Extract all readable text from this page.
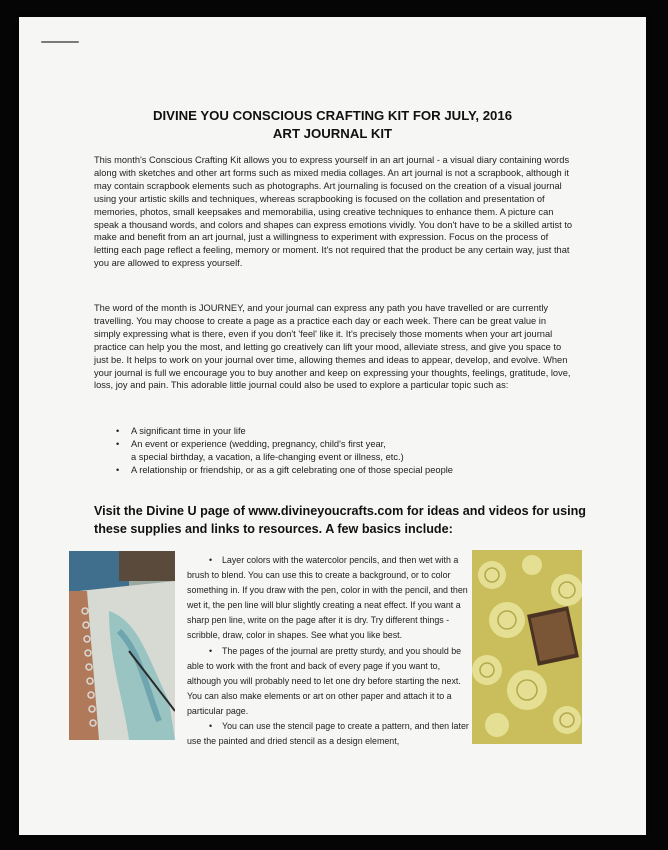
DIVINE YOU CONSCIOUS CRAFTING KIT FOR JULY, 2016
ART JOURNAL KIT

This month's Conscious Crafting Kit allows you to express yourself in an art journal - a visual diary containing words along with sketches and other art forms such as mixed media collages. An art journal is not a scrapbook, although it may contain scrapbook elements such as photographs. Art journaling is focused on the creation of a visual journal using your artistic skills and techniques, whereas scrapbooking is focused on the collation and presentation of memories, photos, small keepsakes and memorabilia, using creative techniques to enhance them. A picture can speak a thousand words, and colors and shapes can express emotions vividly. You don't have to be a skilled artist to make and benefit from an art journal, just a willingness to experiment with expression. Focus on the process of letting each page reflect a feeling, memory or moment. It's not required that the product be any certain way, just that you are allowed to express yourself.

The word of the month is JOURNEY, and your journal can express any path you have travelled or are currently travelling. You may choose to create a page as a practice each day or each week. There can be great value in simply expressing what is there, even if you don't 'feel' like it. It's precisely those moments when your art journal practice can help you the most, and letting go creatively can lift your mood, alleviate stress, and give you space to just be. It helps to work on your journal over time, allowing themes and ideas to appear, develop, and evolve. When your journal is full we encourage you to buy another and keep on expressing your thoughts, feelings, gratitude, love, loss, joy and pain. This adorable little journal could also be used to explore a particular topic such as:

• A significant time in your life
• An event or experience (wedding, pregnancy, child's first year,
a special birthday, a vacation, a life-changing event or illness, etc.)
• A relationship or friendship, or as a gift celebrating one of those special people

Visit the Divine U page of www.divineyoucrafts.com for ideas and videos for using these supplies and links to resources. A few basics include:

•    Layer colors with the watercolor pencils, and then wet with a brush to blend. You can use this to create a background, or to color something in. If you draw with the pen, color in with the pencil, and then wet it, the pen line will blur slightly creating a neat effect. If you want a sharp pen line, write on the page after it is dry. Try different things - scribble, draw, color in shapes. See what you like best.
•    The pages of the journal are pretty sturdy, and you should be able to work with the front and back of every page if you want to, although you will probably need to let one dry before starting the next. You can also make elements or art on other paper and attach it to a particular page.
•    You can use the stencil page to create a pattern, and then later use the painted and dried stencil as a design element,
